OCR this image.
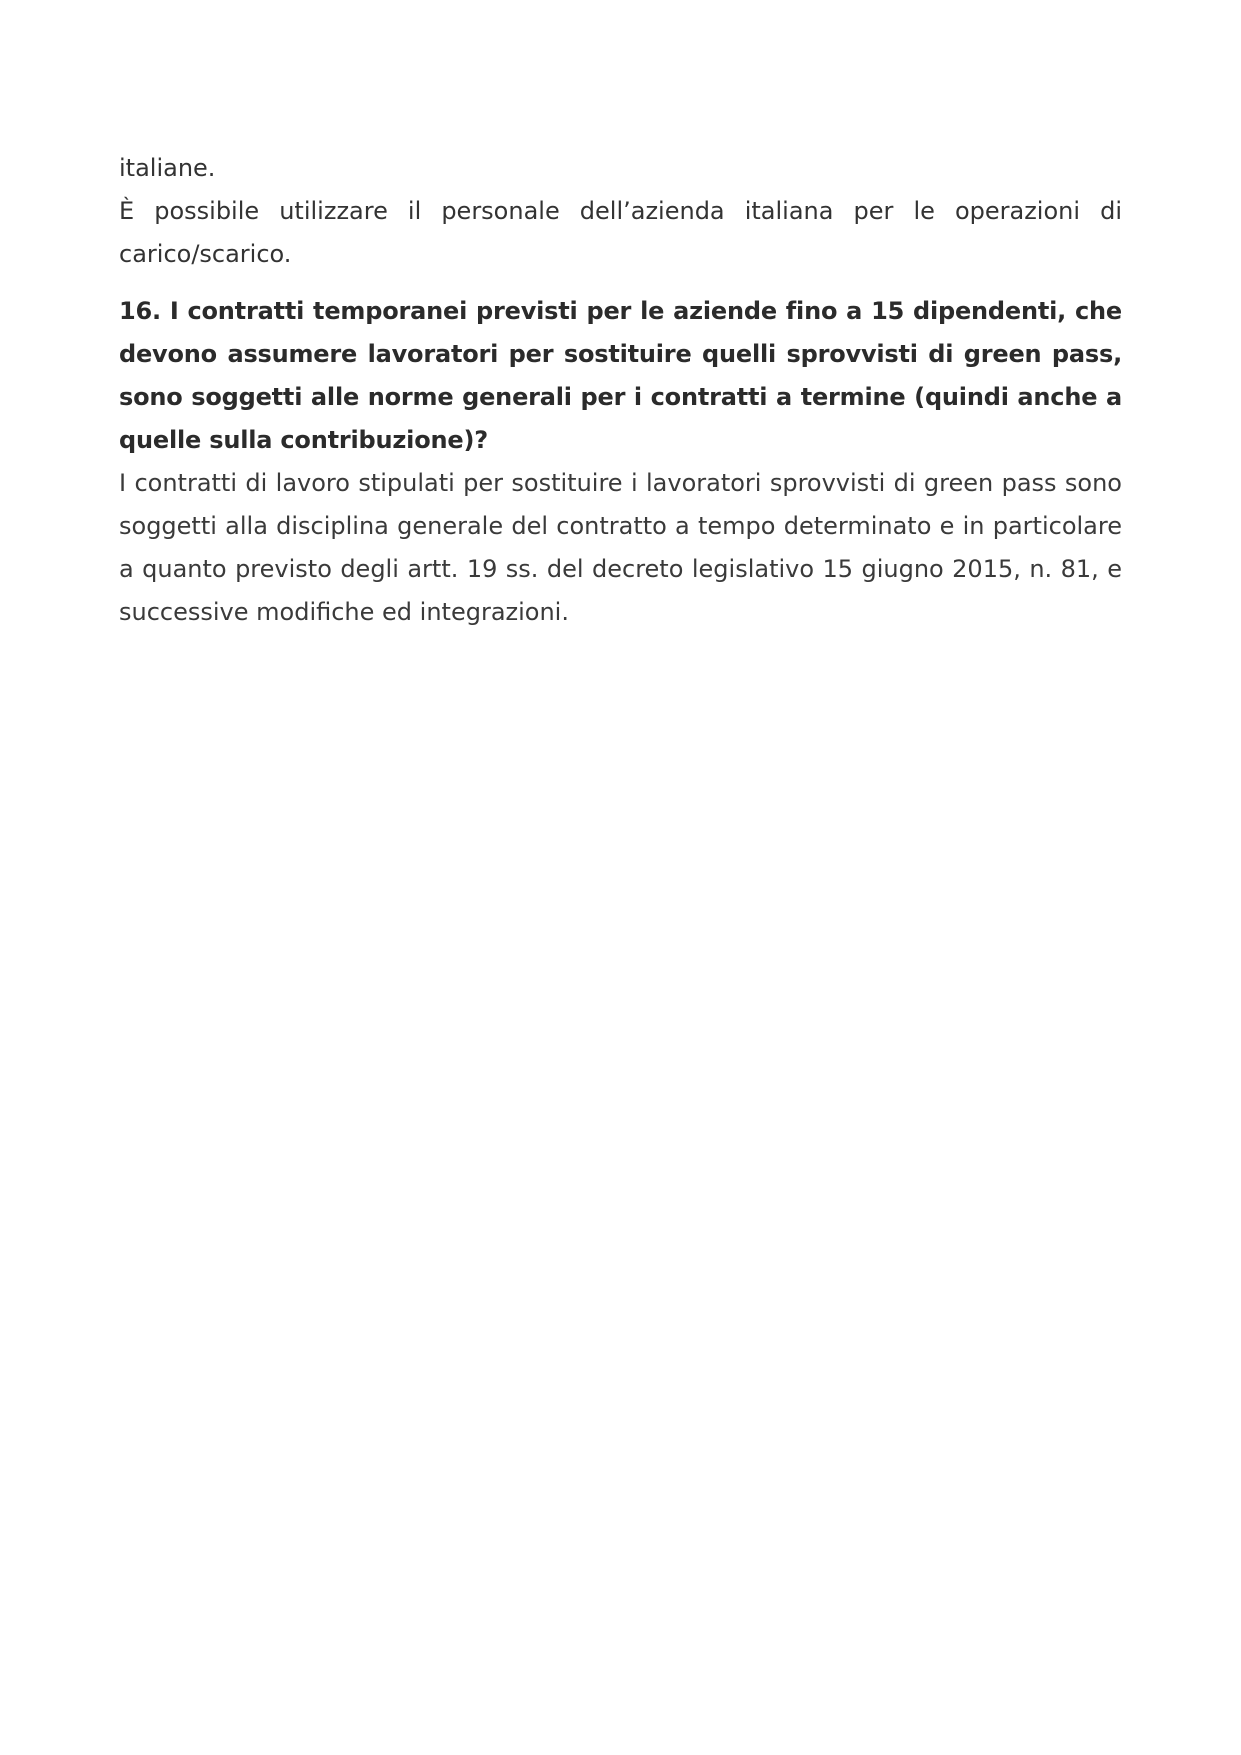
italiane.

È possibile utilizzare il personale dell’azienda italiana per le operazioni di carico/scarico.

16. I contratti temporanei previsti per le aziende fino a 15 dipendenti, che devono assumere lavoratori per sostituire quelli sprovvisti di green pass, sono soggetti alle norme generali per i contratti a termine (quindi anche a quelle sulla contribuzione)?

I contratti di lavoro stipulati per sostituire i lavoratori sprovvisti di green pass sono soggetti alla disciplina generale del contratto a tempo determinato e in particolare a quanto previsto degli artt. 19 ss. del decreto legislativo 15 giugno 2015, n. 81, e successive modifiche ed integrazioni.
